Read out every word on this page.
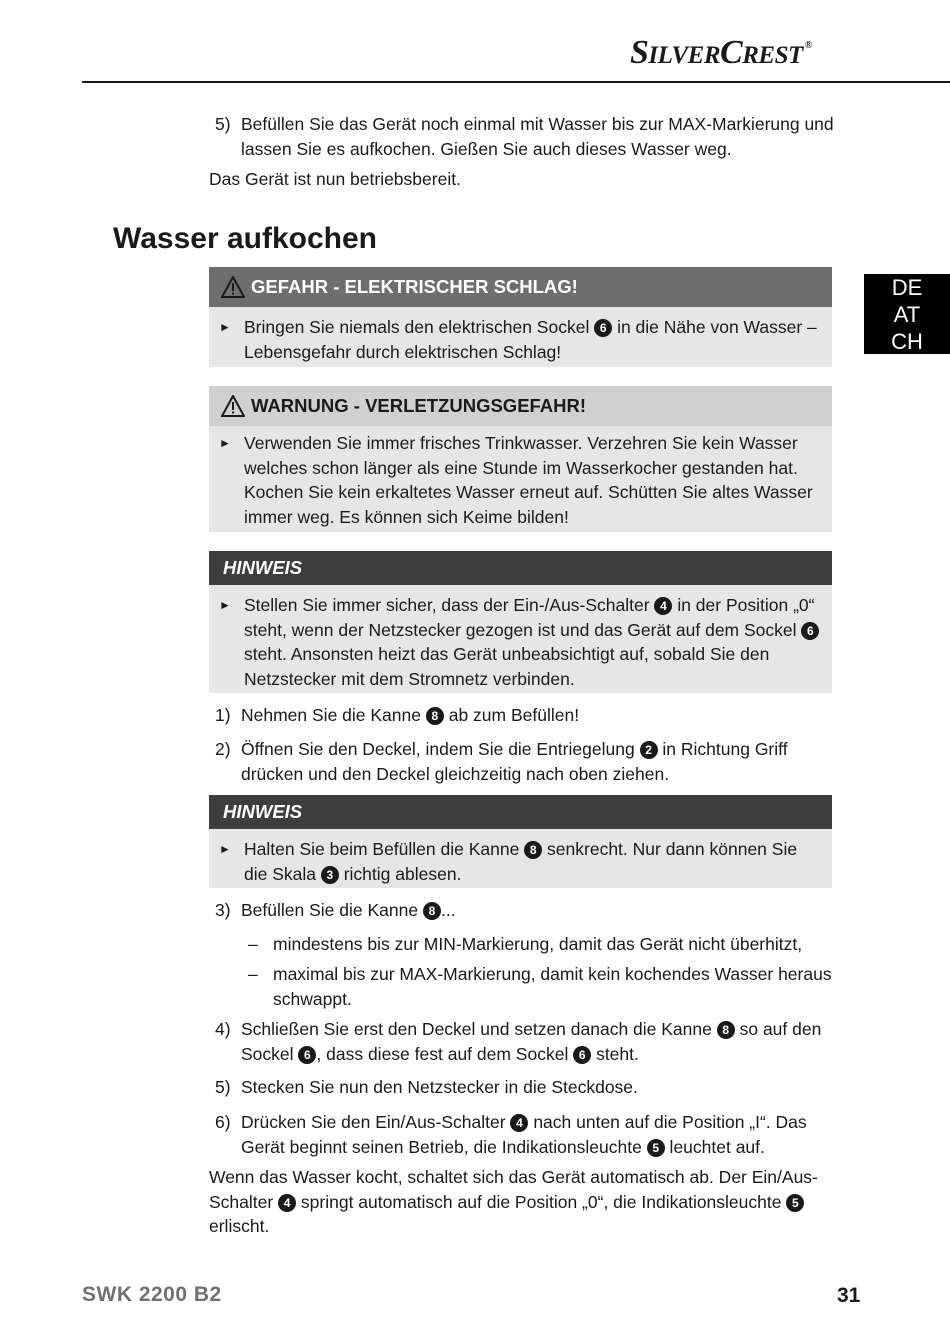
SILVERCREST ®
DE
AT
CH
5) Befüllen Sie das Gerät noch einmal mit Wasser bis zur MAX-Markierung und lassen Sie es aufkochen. Gießen Sie auch dieses Wasser weg.
Das Gerät ist nun betriebsbereit.
Wasser aufkochen
GEFAHR - ELEKTRISCHER SCHLAG!
► Bringen Sie niemals den elektrischen Sockel 6 in die Nähe von Wasser – Lebensgefahr durch elektrischen Schlag!
WARNUNG - VERLETZUNGSGEFAHR!
► Verwenden Sie immer frisches Trinkwasser. Verzehren Sie kein Wasser welches schon länger als eine Stunde im Wasserkocher gestanden hat. Kochen Sie kein erkaltetes Wasser erneut auf. Schütten Sie altes Wasser immer weg. Es können sich Keime bilden!
HINWEIS
► Stellen Sie immer sicher, dass der Ein-/Aus-Schalter 4 in der Position „0“ steht, wenn der Netzstecker gezogen ist und das Gerät auf dem Sockel 6 steht. Ansonsten heizt das Gerät unbeabsichtigt auf, sobald Sie den Netzstecker mit dem Stromnetz verbinden.
1) Nehmen Sie die Kanne 8 ab zum Befüllen!
2) Öffnen Sie den Deckel, indem Sie die Entriegelung 2 in Richtung Griff drücken und den Deckel gleichzeitig nach oben ziehen.
HINWEIS
► Halten Sie beim Befüllen die Kanne 8 senkrecht. Nur dann können Sie die Skala 3 richtig ablesen.
3) Befüllen Sie die Kanne 8 ...
– mindestens bis zur MIN-Markierung, damit das Gerät nicht überhitzt,
– maximal bis zur MAX-Markierung, damit kein kochendes Wasser heraus schwappt.
4) Schließen Sie erst den Deckel und setzen danach die Kanne 8 so auf den Sockel 6 , dass diese fest auf dem Sockel 6 steht.
5) Stecken Sie nun den Netzstecker in die Steckdose.
6) Drücken Sie den Ein/Aus-Schalter 4 nach unten auf die Position „I“. Das Gerät beginnt seinen Betrieb, die Indikationsleuchte 5 leuchtet auf.
Wenn das Wasser kocht, schaltet sich das Gerät automatisch ab. Der Ein/Aus-Schalter 4 springt automatisch auf die Position „0“, die Indikationsleuchte 5 erlischt.
SWK 2200 B2	31
